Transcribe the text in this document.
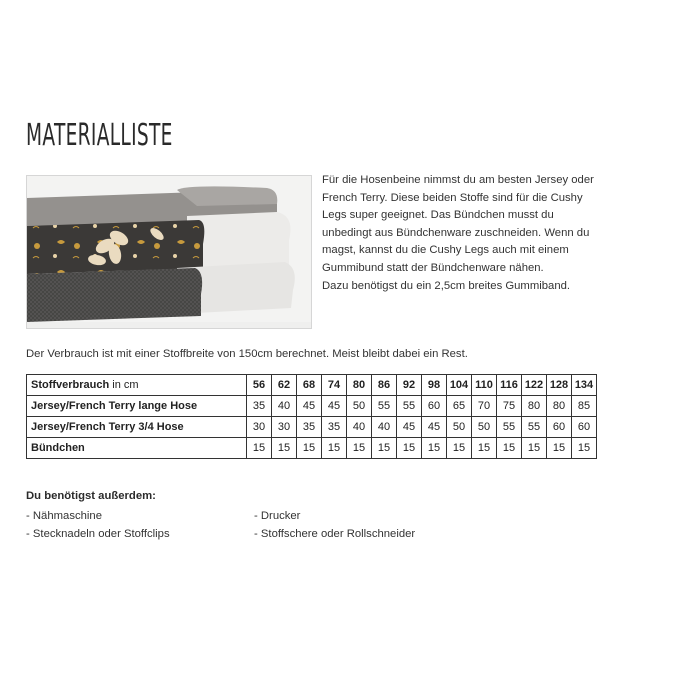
MATERIALLISTE

Für die Hosenbeine nimmst du am besten Jersey oder

French Terry. Diese beiden Stoffe sind für die Cushy

Legs super geeignet. Das Bündchen musst du

unbedingt aus Bündchenware zuschneiden. Wenn du

magst, kannst du die Cushy Legs auch mit einem

Gummibund statt der Bündchenware nähen.

Dazu benötigst du ein 2,5cm breites Gummiband.

Der Verbrauch ist mit einer Stoffbreite von 150cm berechnet. Meist bleibt dabei ein Rest.
Stoffverbrauch in cm	56	62	68	74	80	86	92	98	104	110	116	122	128	134
Jersey/French Terry lange Hose	35	40	45	45	50	55	55	60	65	70	75	80	80	85
Jersey/French Terry 3/4 Hose	30	30	35	35	40	40	45	45	50	50	55	55	60	60
Bündchen	15	15	15	15	15	15	15	15	15	15	15	15	15	15

Du benötigst außerdem:

- Nähmaschine	- Drucker
- Stecknadeln oder Stoffclips	- Stoffschere oder Rollschneider
